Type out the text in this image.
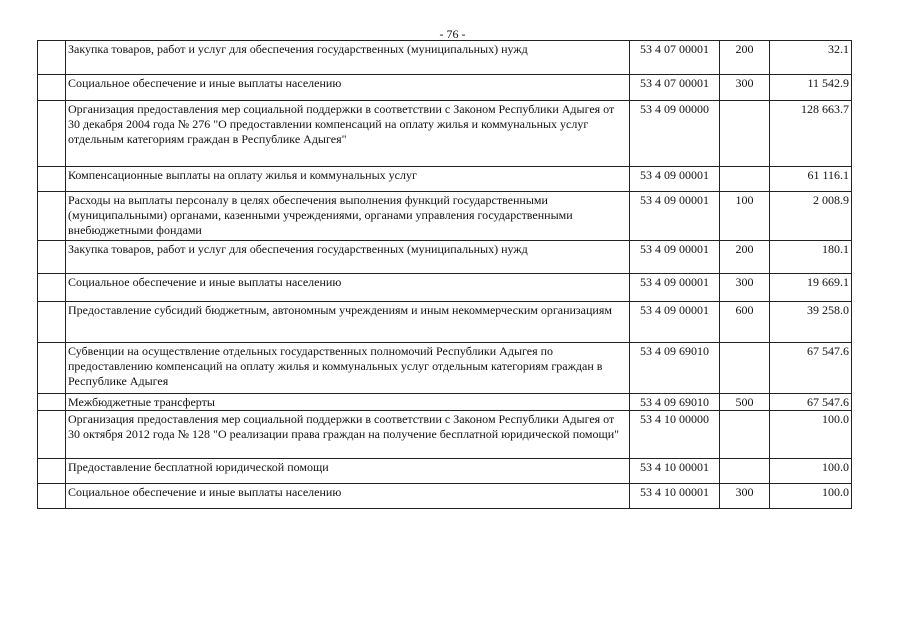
- 76 -
	Закупка товаров, работ и услуг для обеспечения государственных (муниципальных) нужд	53 4 07 00001	200	32.1
	Социальное обеспечение и иные выплаты населению	53 4 07 00001	300	11 542.9
	Организация предоставления мер социальной поддержки в соответствии с Законом Республики Адыгея от 30 декабря 2004 года № 276 "О предоставлении компенсаций на оплату жилья и коммунальных услуг отдельным категориям граждан в Республике Адыгея"	53 4 09 00000		128 663.7
	Компенсационные выплаты на оплату жилья и коммунальных услуг	53 4 09 00001		61 116.1
	Расходы на выплаты персоналу в целях обеспечения выполнения функций государственными (муниципальными) органами, казенными учреждениями, органами управления государственными внебюджетными фондами	53 4 09 00001	100	2 008.9
	Закупка товаров, работ и услуг для обеспечения государственных (муниципальных) нужд	53 4 09 00001	200	180.1
	Социальное обеспечение и иные выплаты населению	53 4 09 00001	300	19 669.1
	Предоставление субсидий бюджетным, автономным учреждениям и иным некоммерческим организациям	53 4 09 00001	600	39 258.0
	Субвенции на осуществление отдельных государственных полномочий Республики Адыгея по предоставлению компенсаций на оплату жилья и коммунальных услуг отдельным категориям граждан в Республике Адыгея	53 4 09 69010		67 547.6
	Межбюджетные трансферты	53 4 09 69010	500	67 547.6
	Организация предоставления мер социальной поддержки в соответствии с Законом Республики Адыгея от 30 октября 2012 года № 128 "О реализации права граждан на получение бесплатной юридической помощи"	53 4 10 00000		100.0
	Предоставление бесплатной юридической помощи	53 4 10 00001		100.0
	Социальное обеспечение и иные выплаты населению	53 4 10 00001	300	100.0
